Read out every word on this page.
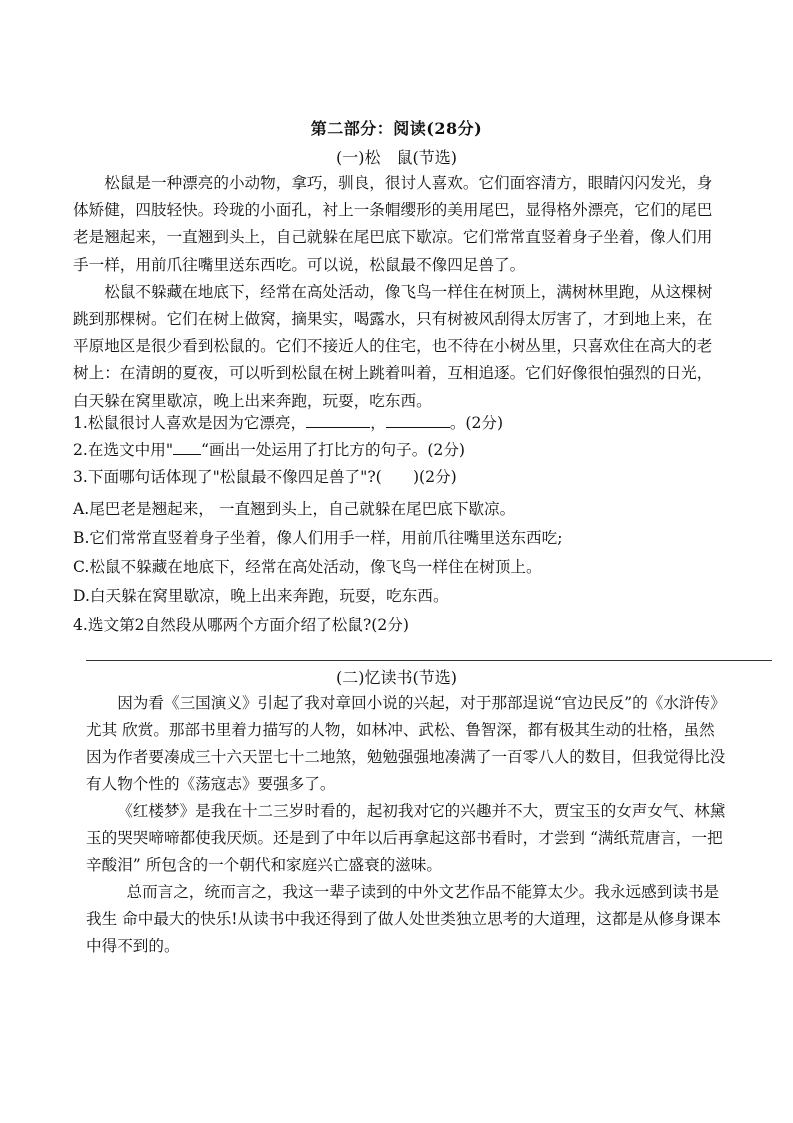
第二部分：阅读(28分)
(一)松　鼠(节选)

松鼠是一种漂亮的小动物，拿巧，驯良，很讨人喜欢。它们面容清方，眼睛闪闪发光，身体矫健，四肢轻快。玲珑的小面孔，衬上一条帽缨形的美用尾巴，显得格外漂亮，它们的尾巴老是翘起来，一直翘到头上，自己就躲在尾巴底下歇凉。它们常常直竖着身子坐着，像人们用手一样，用前爪往嘴里送东西吃。可以说，松鼠最不像四足兽了。

松鼠不躲藏在地底下，经常在高处活动，像飞鸟一样住在树顶上，满树林里跑，从这棵树跳到那棵树。它们在树上做窝，摘果实，喝露水，只有树被风刮得太厉害了，才到地上来，在平原地区是很少看到松鼠的。它们不接近人的住宅，也不待在小树丛里，只喜欢住在高大的老树上：在清朗的夏夜，可以听到松鼠在树上跳着叫着，互相追逐。它们好像很怕强烈的日光，白天躲在窝里歇凉，晚上出来奔跑，玩耍，吃东西。

1.松鼠很讨人喜欢是因为它漂亮，	，	。(2分)

2.在选文中用" “画出一处运用了打比方的句子。(2分)

3.下面哪句话体现了"松鼠最不像四足兽了"?(　　)(2分)

A.尾巴老是翘起来， 一直翘到头上，自己就躲在尾巴底下歇凉。

B.它们常常直竖着身子坐着，像人们用手一样，用前爪往嘴里送东西吃;

C.松鼠不躲藏在地底下，经常在高处活动，像飞鸟一样住在树顶上。

D.白天躲在窝里歇凉，晚上出来奔跑，玩耍，吃东西。

4.选文第2自然段从哪两个方面介绍了松鼠?(2分)

(二)忆读书(节选)

因为看《三国演义》引起了我对章回小说的兴起，对于那部逞说“官边民反”的《水浒传》尤其 欣赏。那部书里着力描写的人物，如林冲、武松、鲁智深，都有极其生动的壮格，虽然因为作者要凑成三十六天罡七十二地煞，勉勉强强地凑满了一百零八人的数目，但我觉得比没有人物个性的《荡寇志》要强多了。

《红楼梦》是我在十二三岁时看的，起初我对它的兴趣并不大，贾宝玉的女声女气、林黛玉的哭哭啼啼都使我厌烦。还是到了中年以后再拿起这部书看时，才尝到 “满纸荒唐言，一把辛酸泪” 所包含的一个朝代和家庭兴亡盛衰的滋味。

总而言之，统而言之，我这一辈子读到的中外文艺作品不能算太少。我永远感到读书是我生 命中最大的快乐!从读书中我还得到了做人处世类独立思考的大道理，这都是从修身课本中得不到的。
